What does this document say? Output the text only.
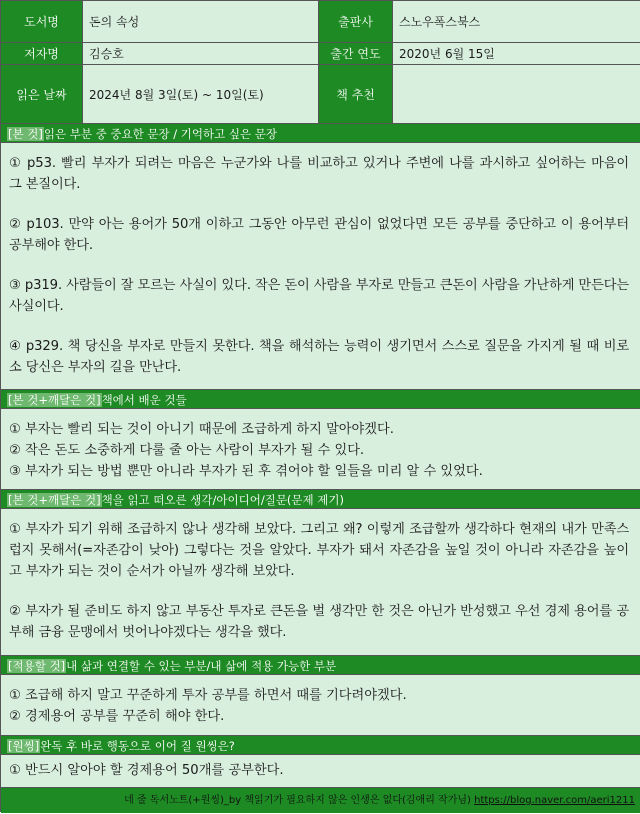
도서명	돈의 속성	출판사	스노우폭스북스
저자명	김승호	출간 연도	2020년 6월 15일
읽은 날짜	2024년 8월 3일(토) ~ 10일(토)	책 추천
[본 것]읽은 부분 중 중요한 문장 / 기억하고 싶은 문장
① p53. 빨리 부자가 되려는 마음은 누군가와 나를 비교하고 있거나 주변에 나를 과시하고 싶어하는 마음이 그 본질이다.
② p103. 만약 아는 용어가 50개 이하고 그동안 아무런 관심이 없었다면 모든 공부를 중단하고 이 용어부터 공부해야 한다.
③ p319. 사람들이 잘 모르는 사실이 있다. 작은 돈이 사람을 부자로 만들고 큰돈이 사람을 가난하게 만든다는 사실이다.
④ p329. 책 당신을 부자로 만들지 못한다. 책을 해석하는 능력이 생기면서 스스로 질문을 가지게 될 때 비로소 당신은 부자의 길을 만난다.
[본 것+깨달은 것]책에서 배운 것들
① 부자는 빨리 되는 것이 아니기 때문에 조급하게 하지 말아야겠다.
② 작은 돈도 소중하게 다룰 줄 아는 사람이 부자가 될 수 있다.
③ 부자가 되는 방법 뿐만 아니라 부자가 된 후 겪어야 할 일들을 미리 알 수 있었다.
[본 것+깨달은 것]책을 읽고 떠오른 생각/아이디어/질문(문제 제기)
① 부자가 되기 위해 조급하지 않나 생각해 보았다. 그리고 왜? 이렇게 조급할까 생각하다 현재의 내가 만족스럽지 못해서(=자존감이 낮아) 그렇다는 것을 알았다. 부자가 돼서 자존감을 높일 것이 아니라 자존감을 높이고 부자가 되는 것이 순서가 아닐까 생각해 보았다.
② 부자가 될 준비도 하지 않고 부동산 투자로 큰돈을 벌 생각만 한 것은 아닌가 반성했고 우선 경제 용어를 공부해 금융 문맹에서 벗어나야겠다는 생각을 했다.
[적용할 것]내 삶과 연결할 수 있는 부분/내 삶에 적용 가능한 부분
① 조급해 하지 말고 꾸준하게 투자 공부를 하면서 때를 기다려야겠다.
② 경제용어 공부를 꾸준히 해야 한다.
[원씽]완독 후 바로 행동으로 이어 질 원씽은?
① 반드시 알아야 할 경제용어 50개를 공부한다.
네 줄 독서노트(+원씽)_by 책읽기가 필요하지 않은 인생은 없다(김애리 작가님) https://blog.naver.com/aeri1211
